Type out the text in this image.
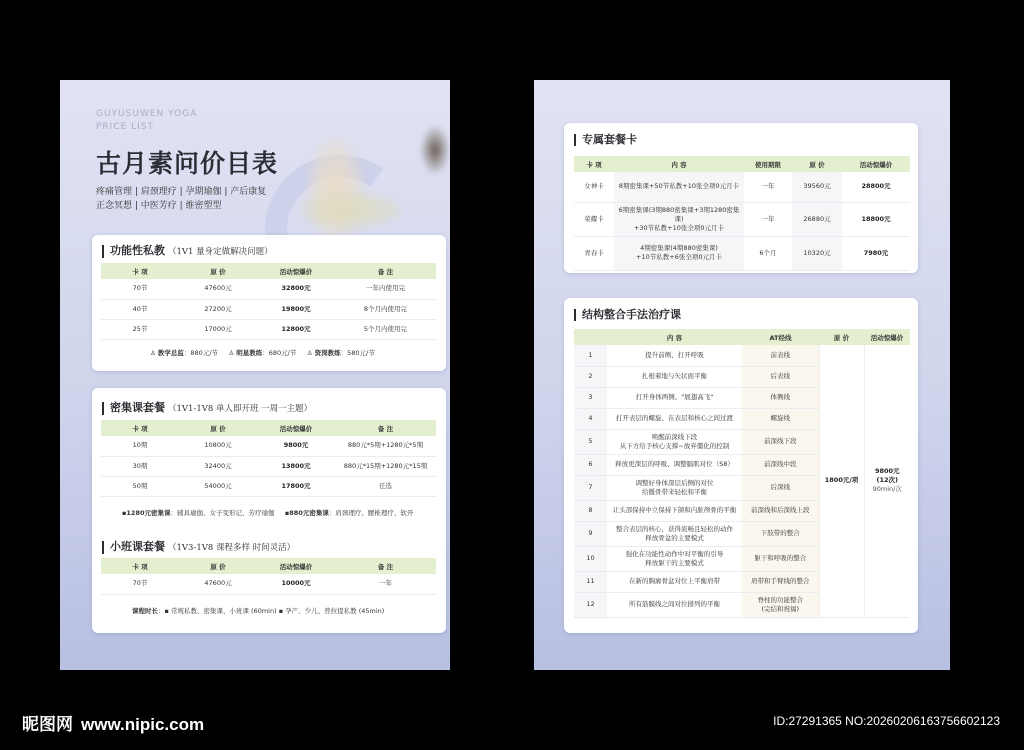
GUYUSUWEN YOGA
PRICE LIST
古月素问价目表
疼痛管理 | 肩颈理疗 | 孕期瑜伽 | 产后康复
正念冥想 | 中医芳疗 | 维密塑型
功能性私教 （1V1 量身定做解决问题）
卡 项	原 价	活动惊爆价	备 注
70节	47600元	32800元	一年内使用完
40节	27200元	19800元	8个月内使用完
25节	17000元	12800元	5个月内使用完
♙ 教学总监：880元/节 ♙ 明星教练：680元/节 ♙ 资深教练：580元/节
密集课套餐 （1V1-1V8 单人即开班 一周一主题）
卡 项	原 价	活动惊爆价	备 注
10期	10800元	9800元	880元*5期+1280元*5期
30期	32400元	13800元	880元*15期+1280元*15期
50期	54000元	17800元	任选
▪1280元密集课：辅具瑜伽、女子变形记、芳疗瑜伽 ▪880元密集课：肩颈理疗、腰椎理疗、软开
小班课套餐 （1V3-1V8 课程多样 时间灵活）
卡 项	原 价	活动惊爆价	备 注
70节	47600元	10000元	一年
课程时长：▪ 常规私教、密集课、小班课 (60min) ▪ 孕产、少儿、普拉提私教 (45min)
专属套餐卡
卡 项	内 容	使用期限	原 价	活动惊爆价
女神卡	8期密集课+50节私教+10张全项0元月卡	一年	39560元	28800元
荣耀卡	6期密集课(3期880密集课+3期1280密集课)
+30节私教+10张全项0元月卡	一年	26880元	18800元
青春卡	4期密集课(4期880密集课)
+10节私教+6张全项0元月卡	6个月	10320元	7980元
结构整合手法治疗课
	内 容	AT经线	原 价	活动惊爆价
1	提升前侧、打开呼吸	前表线	1800元/项	9800元
(12次)
90min/次

2	扎根着地与矢状面平衡	后表线		

3	打开身体两侧、"展翅高飞"	体侧线		

4	打开表层的螺旋、在表层和核心之间过渡	螺旋线		

5	唤醒前深线下段
从下方给予核心支撑~放弃僵化的控制	前深线下段		

6	释放更深层的呼吸、调整膈肌对位（S8）	前深线中段		

7	调整好身体深层后侧的对位
给骶骨带来轻松和平衡	后深线		

8	让头部保持中立保持下颌和内脏颅骨的平衡	前深线和后深线上段		

9	整合表层的核心，获得流畅且轻松的动作
释放骨盆的主要模式	下肢带的整合		

10	强化在功能性动作中对平衡的引导
释放躯干的主要模式	躯干和呼吸的整合		

11	在新的胸廓骨盆对位上平衡肩带	肩带和手臂线的整合		

12	所有筋膜线之间对位排列的平衡	脊柱的功能整合
(完结和祝福)		
昵图网 www.nipic.com	ID:27291365 NO:20260206163756602123
